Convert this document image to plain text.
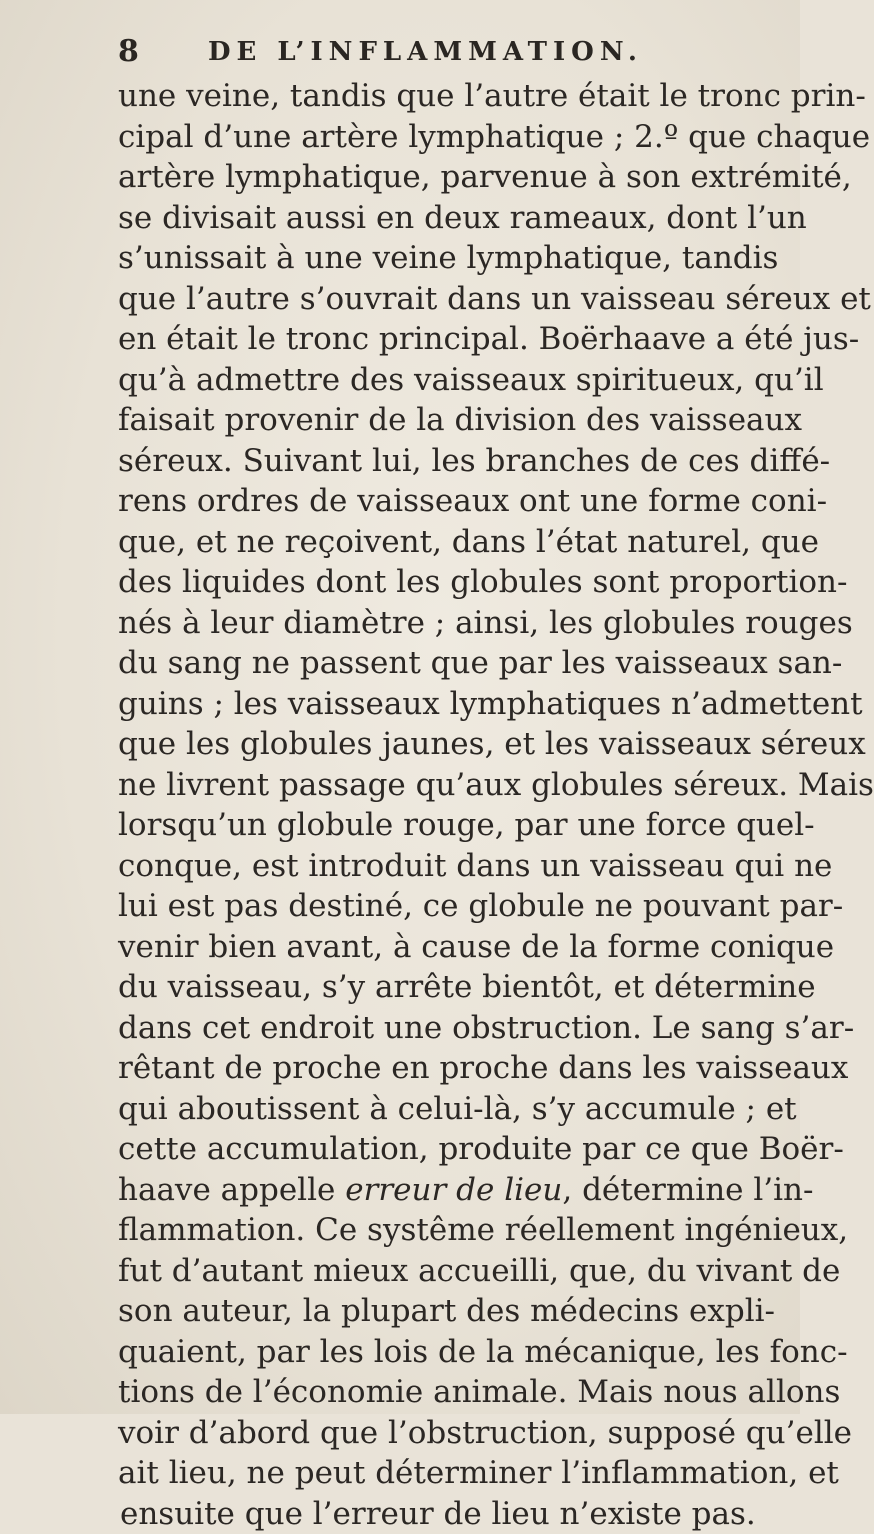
8	DE L’INFLAMMATION.
une veine, tandis que l’autre était le tronc prin-
cipal d’une artère lymphatique ; 2.º que chaque
artère lymphatique, parvenue à son extrémité,
se divisait aussi en deux rameaux, dont l’un
s’unissait à une veine lymphatique, tandis
que l’autre s’ouvrait dans un vaisseau séreux et
en était le tronc principal. Boërhaave a été jus-
qu’à admettre des vaisseaux spiritueux, qu’il
faisait provenir de la division des vaisseaux
séreux. Suivant lui, les branches de ces diffé-
rens ordres de vaisseaux ont une forme coni-
que, et ne reçoivent, dans l’état naturel, que
des liquides dont les globules sont proportion-
nés à leur diamètre ; ainsi, les globules rouges
du sang ne passent que par les vaisseaux san-
guins ; les vaisseaux lymphatiques n’admettent
que les globules jaunes, et les vaisseaux séreux
ne livrent passage qu’aux globules séreux. Mais
lorsqu’un globule rouge, par une force quel-
conque, est introduit dans un vaisseau qui ne
lui est pas destiné, ce globule ne pouvant par-
venir bien avant, à cause de la forme conique
du vaisseau, s’y arrête bientôt, et détermine
dans cet endroit une obstruction. Le sang s’ar-
rêtant de proche en proche dans les vaisseaux
qui aboutissent à celui-là, s’y accumule ; et
cette accumulation, produite par ce que Boër-
haave appelle erreur de lieu, détermine l’in-
flammation. Ce systême réellement ingénieux,
fut d’autant mieux accueilli, que, du vivant de
son auteur, la plupart des médecins expli-
quaient, par les lois de la mécanique, les fonc-
tions de l’économie animale. Mais nous allons
voir d’abord que l’obstruction, supposé qu’elle
ait lieu, ne peut déterminer l’inflammation, et
ensuite que l’erreur de lieu n’existe pas.
